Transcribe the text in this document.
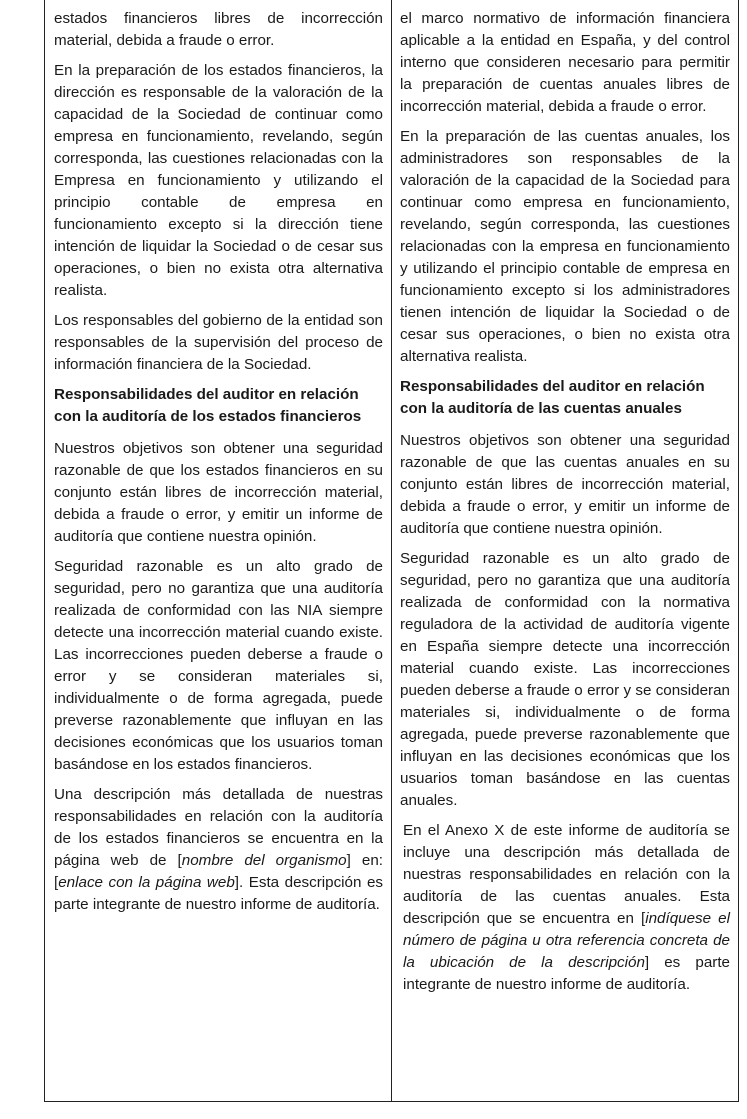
estados financieros libres de incorrección material, debida a fraude o error.

En la preparación de los estados financieros, la dirección es responsable de la valoración de la capacidad de la Sociedad de continuar como empresa en funcionamiento, revelando, según corresponda, las cuestiones relacionadas con la Empresa en funcionamiento y utilizando el principio contable de empresa en funcionamiento excepto si la dirección tiene intención de liquidar la Sociedad o de cesar sus operaciones, o bien no exista otra alternativa realista.

Los responsables del gobierno de la entidad son responsables de la supervisión del proceso de información financiera de la Sociedad.

Responsabilidades del auditor en relación con la auditoría de los estados financieros

Nuestros objetivos son obtener una seguridad razonable de que los estados financieros en su conjunto están libres de incorrección material, debida a fraude o error, y emitir un informe de auditoría que contiene nuestra opinión.

Seguridad razonable es un alto grado de seguridad, pero no garantiza que una auditoría realizada de conformidad con las NIA siempre detecte una incorrección material cuando existe. Las incorrecciones pueden deberse a fraude o error y se consideran materiales si, individualmente o de forma agregada, puede preverse razonablemente que influyan en las decisiones económicas que los usuarios toman basándose en los estados financieros.

Una descripción más detallada de nuestras responsabilidades en relación con la auditoría de los estados financieros se encuentra en la página web de [nombre del organismo] en: [enlace con la página web]. Esta descripción es parte integrante de nuestro informe de auditoría.

el marco normativo de información financiera aplicable a la entidad en España, y del control interno que consideren necesario para permitir la preparación de cuentas anuales libres de incorrección material, debida a fraude o error.

En la preparación de las cuentas anuales, los administradores son responsables de la valoración de la capacidad de la Sociedad para continuar como empresa en funcionamiento, revelando, según corresponda, las cuestiones relacionadas con la empresa en funcionamiento y utilizando el principio contable de empresa en funcionamiento excepto si los administradores tienen intención de liquidar la Sociedad o de cesar sus operaciones, o bien no exista otra alternativa realista.

Responsabilidades del auditor en relación con la auditoría de las cuentas anuales

Nuestros objetivos son obtener una seguridad razonable de que las cuentas anuales en su conjunto están libres de incorrección material, debida a fraude o error, y emitir un informe de auditoría que contiene nuestra opinión.

Seguridad razonable es un alto grado de seguridad, pero no garantiza que una auditoría realizada de conformidad con la normativa reguladora de la actividad de auditoría vigente en España siempre detecte una incorrección material cuando existe. Las incorrecciones pueden deberse a fraude o error y se consideran materiales si, individualmente o de forma agregada, puede preverse razonablemente que influyan en las decisiones económicas que los usuarios toman basándose en las cuentas anuales.

En el Anexo X de este informe de auditoría se incluye una descripción más detallada de nuestras responsabilidades en relación con la auditoría de las cuentas anuales. Esta descripción que se encuentra en [indíquese el número de página u otra referencia concreta de la ubicación de la descripción] es parte integrante de nuestro informe de auditoría.
